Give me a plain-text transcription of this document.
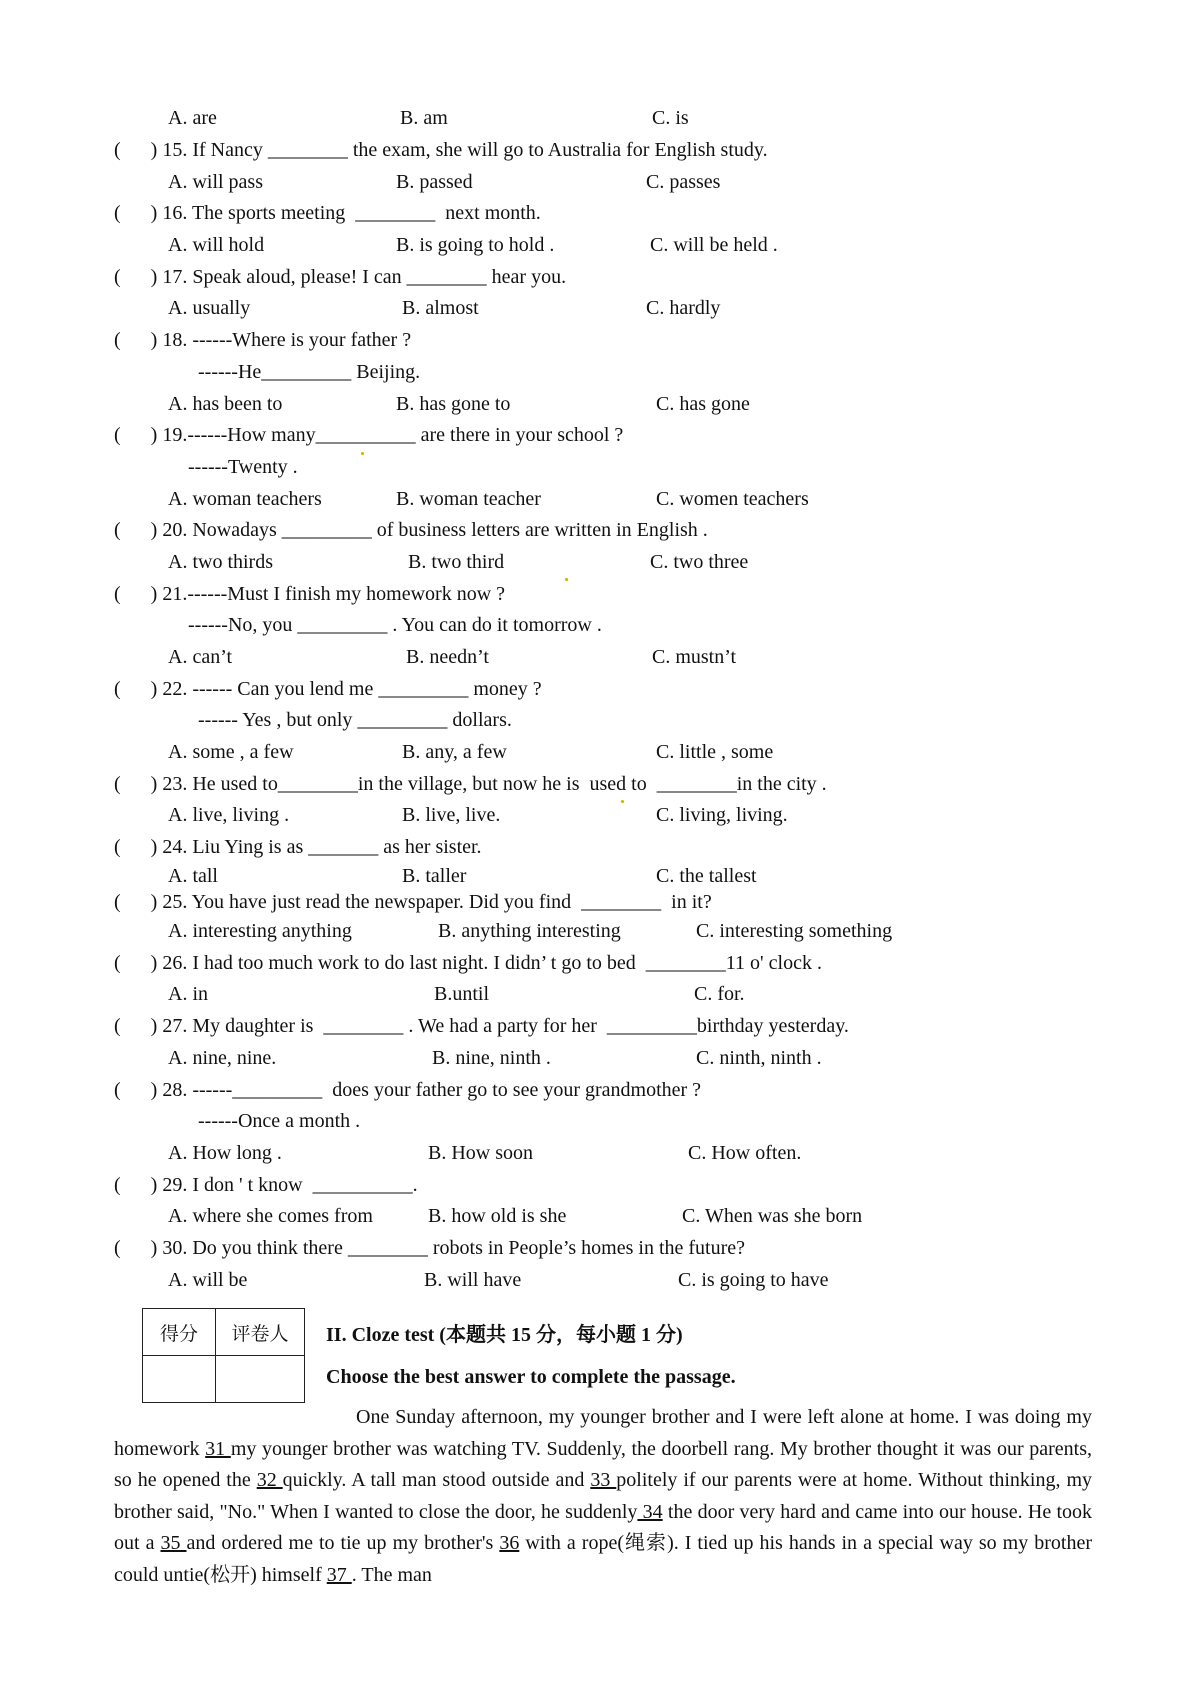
A. are	B. am	C. is
(      ) 15. If Nancy ________ the exam, she will go to Australia for English study.
A. will pass	B. passed	C. passes
(      ) 16. The sports meeting  ________  next month.
A. will hold	B. is going to hold .	C. will be held .
(      ) 17. Speak aloud, please! I can ________ hear you.
A. usually	B. almost	C. hardly
(      ) 18. ------Where is your father ?
------He_________ Beijing.
A. has been to	B. has gone to	C. has gone
(      ) 19.------How many__________ are there in your school ?
------Twenty .
A. woman teachers	B. woman teacher	C. women teachers
(      ) 20. Nowadays _________ of business letters are written in English .
A. two thirds	B. two third	C. two three
(      ) 21.------Must I finish my homework now ?
------No, you _________ . You can do it tomorrow .
A. can’t	B. needn’t	C. mustn’t
(      ) 22. ------ Can you lend me _________ money ?
------ Yes , but only _________ dollars.
A. some , a few	B. any, a few	C. little , some
(      ) 23. He used to________in the village, but now he is  used to  ________in the city .
A. live, living .	B. live, live.	C. living, living.
(      ) 24. Liu Ying is as _______ as her sister.
A. tall	B. taller	C. the tallest
(      ) 25. You have just read the newspaper. Did you find  ________  in it?
A. interesting anything	B. anything interesting	C. interesting something
(      ) 26. I had too much work to do last night. I didn’ t go to bed  ________11 o' clock .
A. in	B.until	C. for.
(      ) 27. My daughter is  ________ . We had a party for her  _________birthday yesterday.
A. nine, nine.	B. nine, ninth .	C. ninth, ninth .
(      ) 28. ------_________  does your father go to see your grandmother ?
------Once a month .
A. How long .	B. How soon	C. How often.
(      ) 29. I don ' t know  __________.
A. where she comes from	B. how old is she	C. When was she born
(      ) 30. Do you think there ________ robots in People’s homes in the future?
A. will be	B. will have	C. is going to have
得分	评卷人
	II. Cloze test (本题共 15 分，每小题 1 分)
Choose the best answer to complete the passage.
One Sunday afternoon, my younger brother and I were left alone at home. I was doing my homework 31 my younger brother was watching TV. Suddenly, the doorbell rang. My brother thought it was our parents, so he opened the 32 quickly. A tall man stood outside and 33 politely if our parents were at home. Without thinking, my brother said, "No." When I wanted to close the door, he suddenly 34 the door very hard and came into our house. He took out a 35 and ordered me to tie up my brother's 36 with a rope(绳索). I tied up his hands in a special way so my brother could untie(松开) himself 37 . The man
